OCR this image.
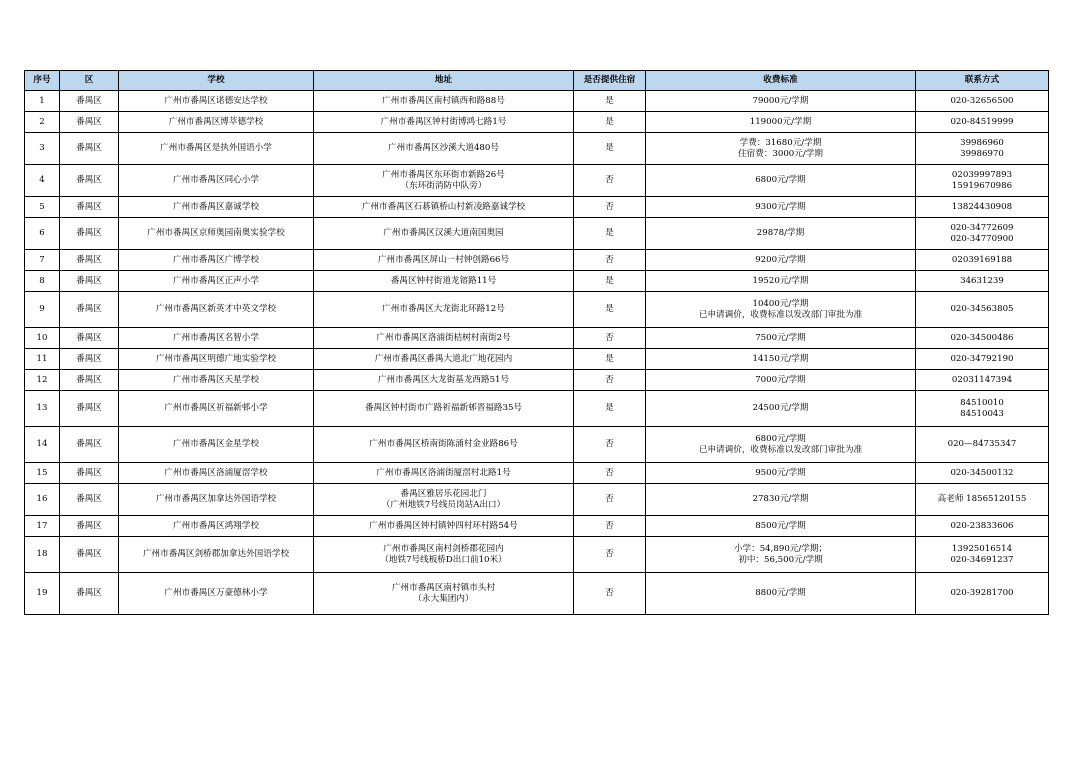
序号	区	学校	地址	是否提供住宿	收费标准	联系方式
1	番禺区	广州市番禺区诺德安达学校	广州市番禺区南村镇西和路88号	是	79000元/学期	020-32656500

2	番禺区	广州市番禺区博萃德学校	广州市番禺区钟村街博鸿七路1号	是	119000元/学期	020-84519999

3	番禺区	广州市番禺区是执外国语小学	广州市番禺区沙溪大道480号	是	学费：31680元/学期
住宿费：3000元/学期	39986960
39986970

4	番禺区	广州市番禺区同心小学	广州市番禺区东环街市新路26号
（东环街消防中队旁）	否	6800元/学期	02039997893
15919670986

5	番禺区	广州市番禺区嘉诚学校	广州市番禺区石碁镇桥山村新凌路嘉诚学校	否	9300元/学期	13824430908

6	番禺区	广州市番禺区京师奥园南奥实验学校	广州市番禺区汉溪大道南国奥园	是	29878/学期	020-34772609
020-34770900

7	番禺区	广州市番禺区广博学校	广州市番禺区屏山一村钟创路66号	否	9200元/学期	02039169188

8	番禺区	广州市番禺区正声小学	番禺区钟村街道龙镕路11号	是	19520元/学期	34631239

9	番禺区	广州市番禺区新英才中英文学校	广州市番禺区大龙街北环路12号	是	10400元/学期
已申请调价，收费标准以发改部门审批为准	020-34563805

10	番禺区	广州市番禺区名智小学	广州市番禺区洛浦街桔树村南街2号	否	7500元/学期	020-34500486

11	番禺区	广州市番禺区明德广地实验学校	广州市番禺区番禺大道北广地花园内	是	14150元/学期	020-34792190

12	番禺区	广州市番禺区天星学校	广州市番禺区大龙街基龙西路51号	否	7000元/学期	02031147394

13	番禺区	广州市番禺区祈福新邨小学	番禺区钟村街市广路祈福新邨晋福路35号	是	24500元/学期	84510010
84510043

14	番禺区	广州市番禺区金星学校	广州市番禺区桥南街陈涌村金业路86号	否	6800元/学期
已申请调价，收费标准以发改部门审批为准	020—84735347

15	番禺区	广州市番禺区洛浦厦滘学校	广州市番禺区洛浦街厦滘村北路1号	否	9500元/学期	020-34500132

16	番禺区	广州市番禺区加拿达外国语学校	番禺区雅居乐花园北门
（广州地铁7号线员岗站A出口）	否	27830元/学期	高老师 18565120155

17	番禺区	广州市番禺区鸿翔学校	广州市番禺区钟村镇钟四村环村路54号	否	8500元/学期	020-23833606

18	番禺区	广州市番禺区剑桥郡加拿达外国语学校	广州市番禺区南村剑桥郡花园内
（地铁7号线板桥D出口前10米）	否	小学：54,890元/学期；
初中：56,500元/学期	13925016514
020-34691237

19	番禺区	广州市番禺区万豪德林小学	广州市番禺区南村镇市头村
（永大集团内）	否	8800元/学期	020-39281700
